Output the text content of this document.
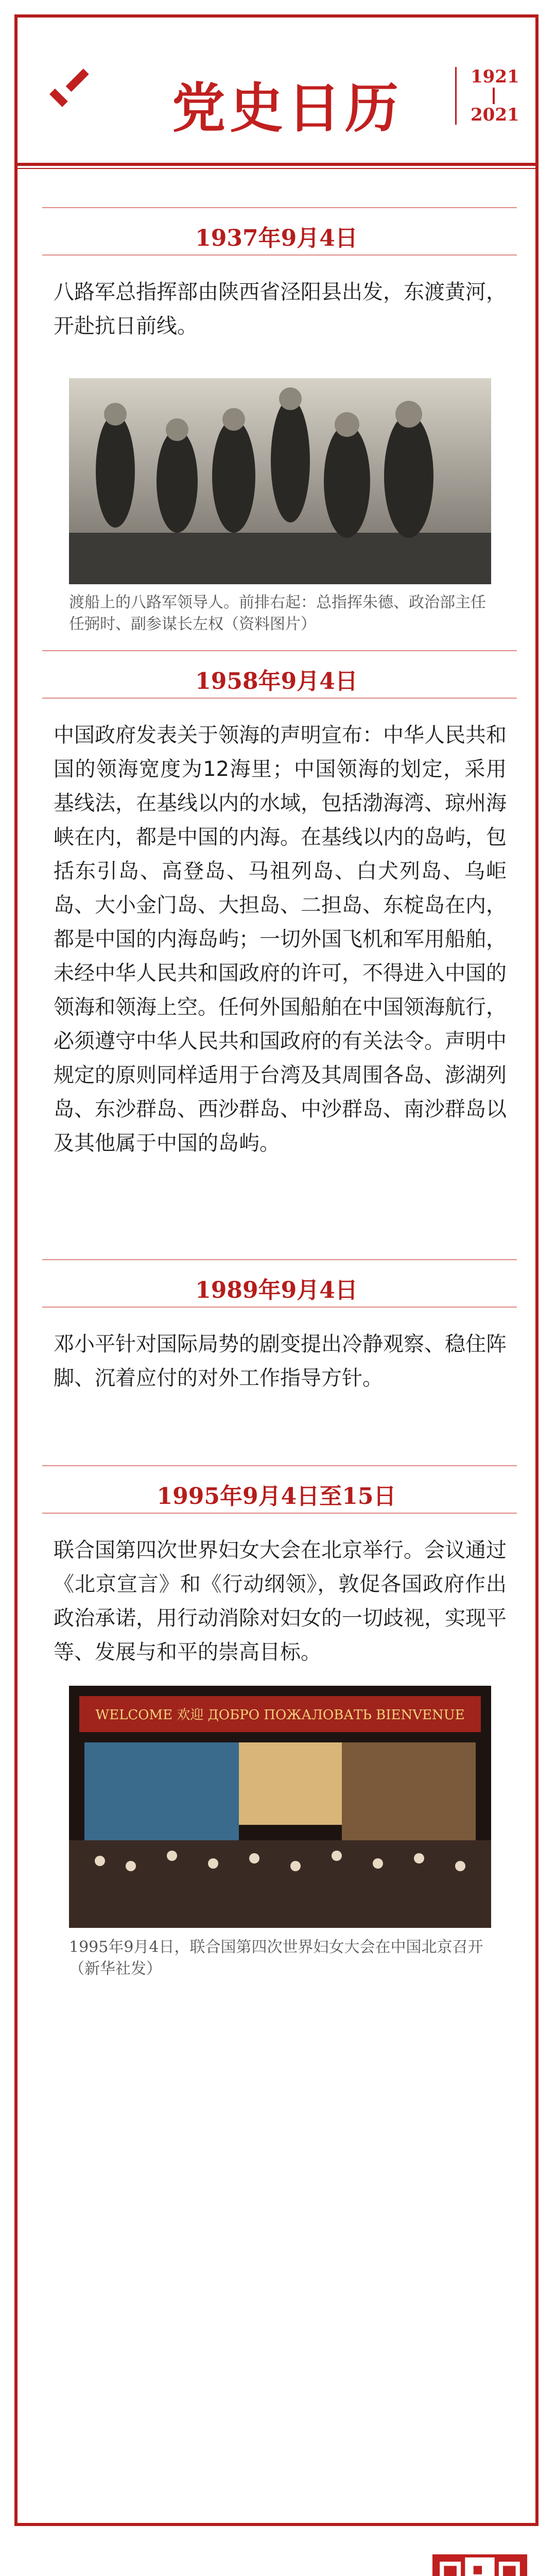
党史日历	1921
2021
1937年9月4日

八路军总指挥部由陕西省泾阳县出发，东渡黄河，开赴抗日前线。

渡船上的八路军领导人。前排右起：总指挥朱德、政治部主任任弼时、副参谋长左权（资料图片）
1958年9月4日

中国政府发表关于领海的声明宣布：中华人民共和国的领海宽度为12海里；中国领海的划定，采用基线法，在基线以内的水域，包括渤海湾、琼州海峡在内，都是中国的内海。在基线以内的岛屿，包括东引岛、高登岛、马祖列岛、白犬列岛、乌岠岛、大小金门岛、大担岛、二担岛、东椗岛在内，都是中国的内海岛屿；一切外国飞机和军用船舶，未经中华人民共和国政府的许可，不得进入中国的领海和领海上空。任何外国船舶在中国领海航行，必须遵守中华人民共和国政府的有关法令。声明中规定的原则同样适用于台湾及其周围各岛、澎湖列岛、东沙群岛、西沙群岛、中沙群岛、南沙群岛以及其他属于中国的岛屿。

1989年9月4日

邓小平针对国际局势的剧变提出冷静观察、稳住阵脚、沉着应付的对外工作指导方针。

1995年9月4日至15日

联合国第四次世界妇女大会在北京举行。会议通过《北京宣言》和《行动纲领》，敦促各国政府作出政治承诺，用行动消除对妇女的一切歧视，实现平等、发展与和平的崇高目标。

WELCOME 欢迎 ДОБРО ПОЖАЛОВАТЬ BIENVENUE
1995年9月4日，联合国第四次世界妇女大会在中国北京召开（新华社发）
